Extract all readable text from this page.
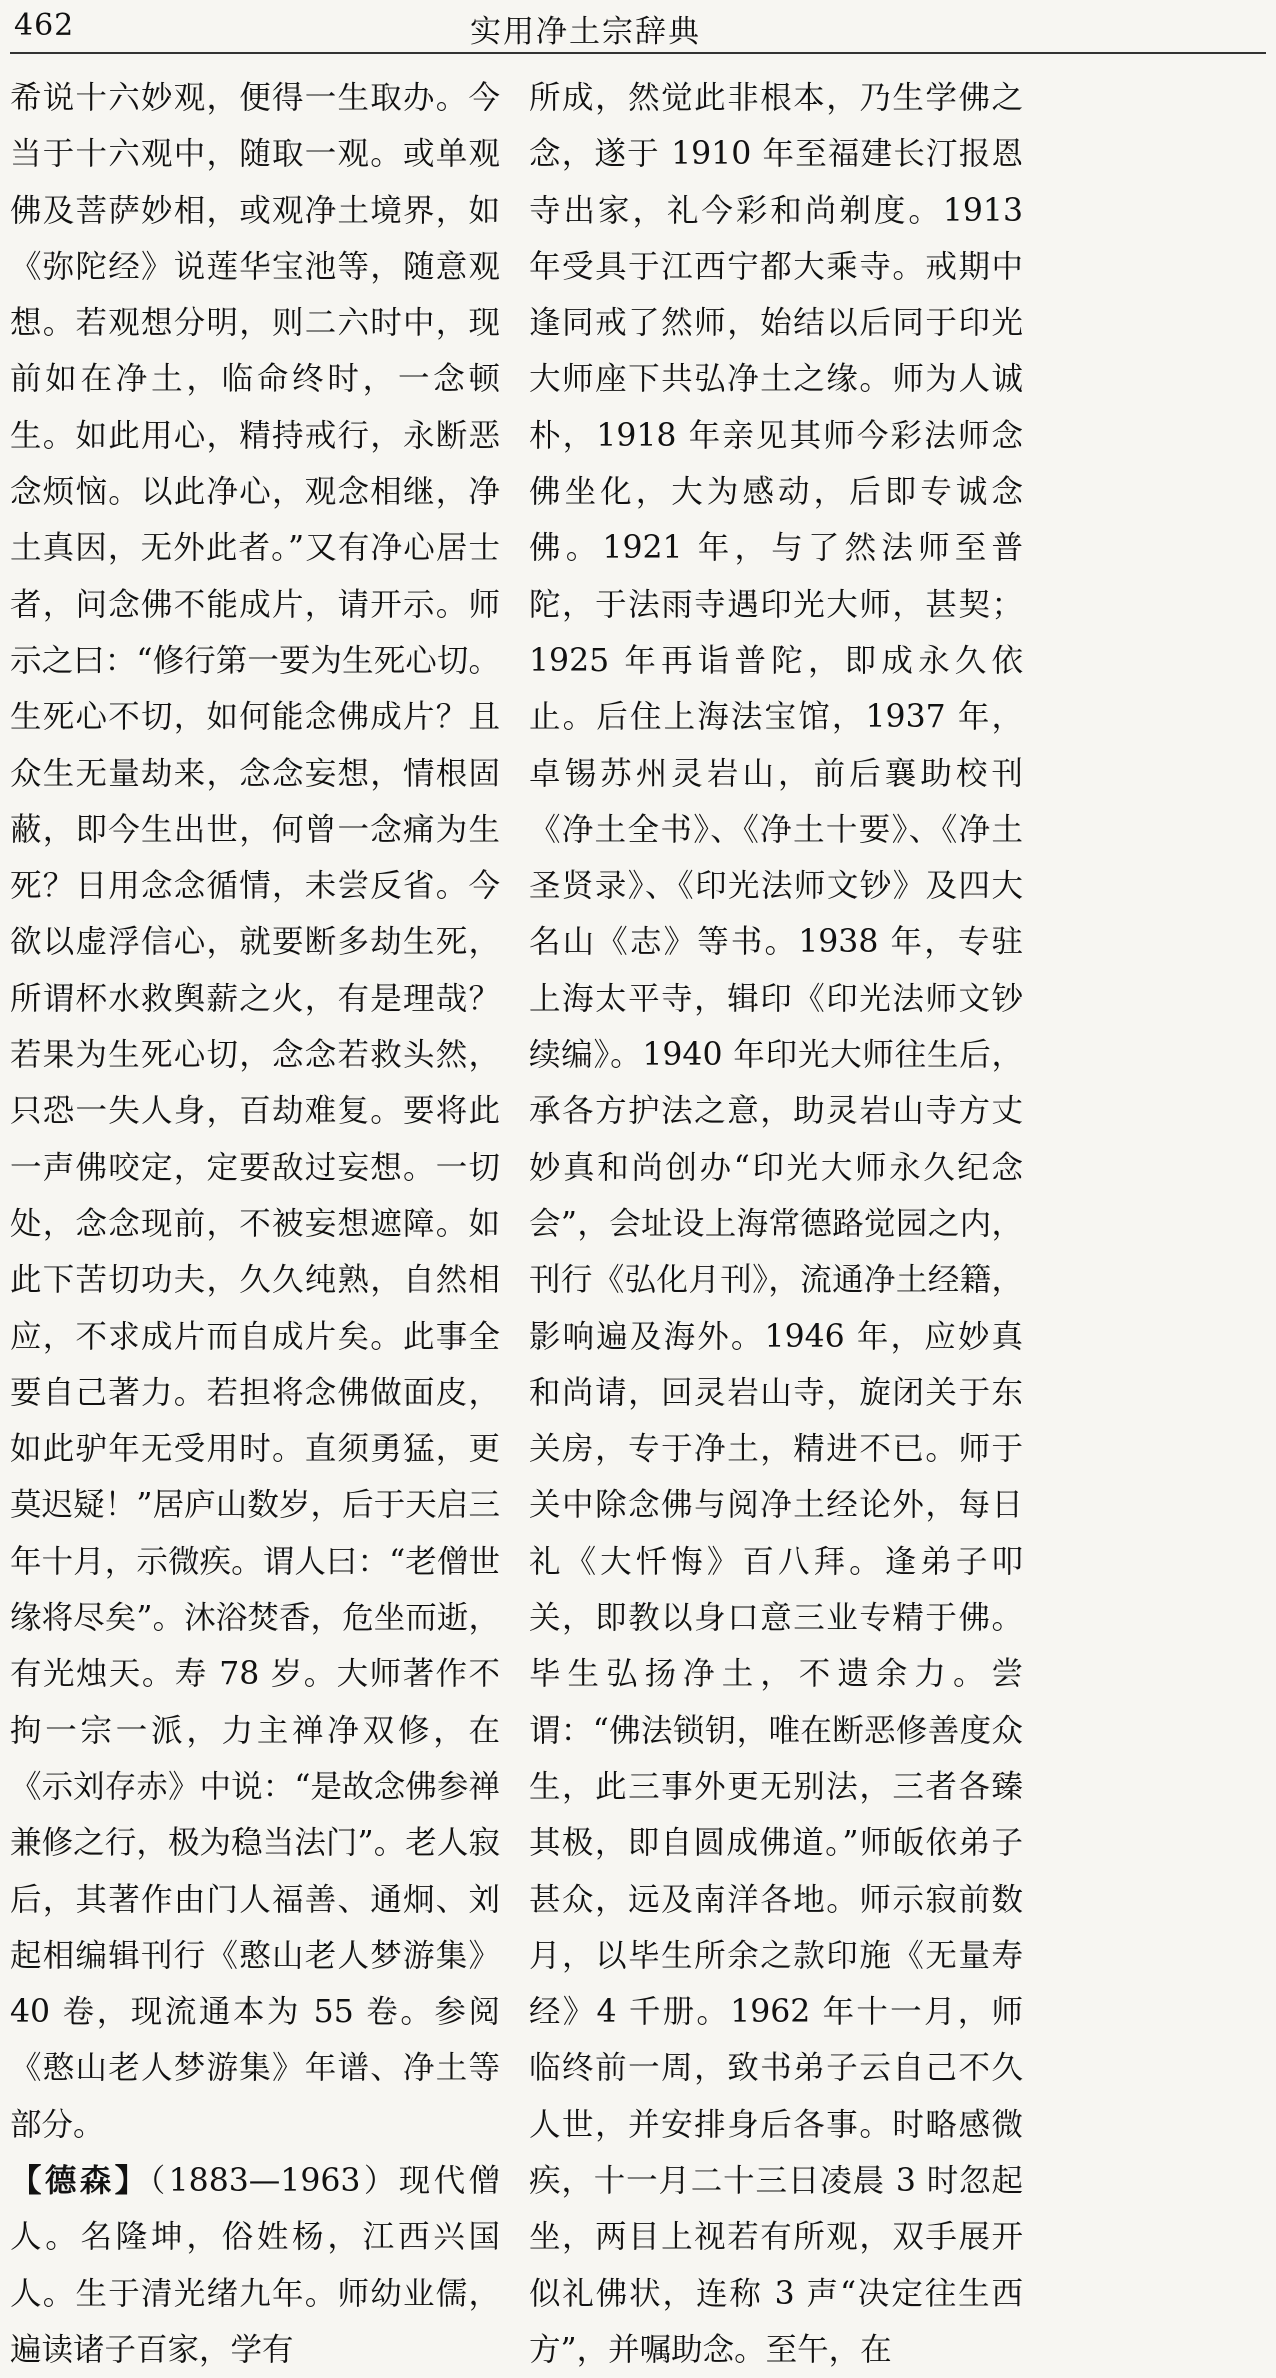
462	实用净土宗辞典

希说十六妙观，便得一生取办。今当于十六观中，随取一观。或单观佛及菩萨妙相，或观净土境界，如《弥陀经》说莲华宝池等，随意观想。若观想分明，则二六时中，现前如在净土，临命终时，一念顿生。如此用心，精持戒行，永断恶念烦恼。以此净心，观念相继，净土真因，无外此者。”又有净心居士者，问念佛不能成片，请开示。师示之曰：“修行第一要为生死心切。生死心不切，如何能念佛成片？且众生无量劫来，念念妄想，情根固蔽，即今生出世，何曾一念痛为生死？日用念念循情，未尝反省。今欲以虚浮信心，就要断多劫生死，所谓杯水救舆薪之火，有是理哉？若果为生死心切，念念若救头然，只恐一失人身，百劫难复。要将此一声佛咬定，定要敌过妄想。一切处，念念现前，不被妄想遮障。如此下苦切功夫，久久纯熟，自然相应，不求成片而自成片矣。此事全要自己著力。若担将念佛做面皮，如此驴年无受用时。直须勇猛，更莫迟疑！”居庐山数岁，后于天启三年十月，示微疾。谓人曰：“老僧世缘将尽矣”。沐浴焚香，危坐而逝，有光烛天。寿 78 岁。大师著作不拘一宗一派，力主禅净双修，在《示刘存赤》中说：“是故念佛参禅兼修之行，极为稳当法门”。老人寂后，其著作由门人福善、通炯、刘起相编辑刊行《憨山老人梦游集》40 卷，现流通本为 55 卷。参阅《憨山老人梦游集》年谱、净土等部分。

【德森】（1883—1963）现代僧人。名隆坤，俗姓杨，江西兴国人。生于清光绪九年。师幼业儒，遍读诸子百家，学有

所成，然觉此非根本，乃生学佛之念，遂于 1910 年至福建长汀报恩寺出家，礼今彩和尚剃度。1913 年受具于江西宁都大乘寺。戒期中逢同戒了然师，始结以后同于印光大师座下共弘净土之缘。师为人诚朴，1918 年亲见其师今彩法师念佛坐化，大为感动，后即专诚念佛。1921 年，与了然法师至普陀，于法雨寺遇印光大师，甚契；1925 年再诣普陀，即成永久依止。后住上海法宝馆，1937 年，卓锡苏州灵岩山，前后襄助校刊《净土全书》、《净土十要》、《净土圣贤录》、《印光法师文钞》及四大名山《志》等书。1938 年，专驻上海太平寺，辑印《印光法师文钞续编》。1940 年印光大师往生后，承各方护法之意，助灵岩山寺方丈妙真和尚创办“印光大师永久纪念会”，会址设上海常德路觉园之内，刊行《弘化月刊》，流通净土经籍，影响遍及海外。1946 年，应妙真和尚请，回灵岩山寺，旋闭关于东关房，专于净土，精进不已。师于关中除念佛与阅净土经论外，每日礼《大忏悔》百八拜。逢弟子叩关，即教以身口意三业专精于佛。毕生弘扬净土，不遗余力。尝谓：“佛法锁钥，唯在断恶修善度众生，此三事外更无别法，三者各臻其极，即自圆成佛道。”师皈依弟子甚众，远及南洋各地。师示寂前数月，以毕生所余之款印施《无量寿经》4 千册。1962 年十一月，师临终前一周，致书弟子云自己不久人世，并安排身后各事。时略感微疾，十一月二十三日凌晨 3 时忽起坐，两目上视若有所观，双手展开似礼佛状，连称 3 声“决定往生西方”，并嘱助念。至午，在
